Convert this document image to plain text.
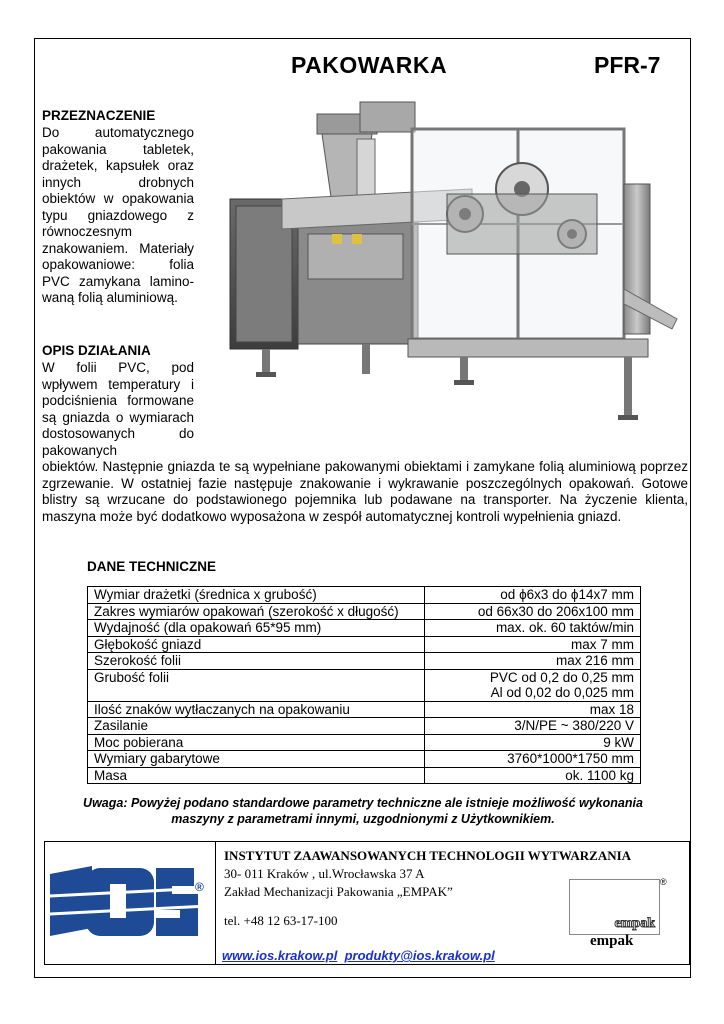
PAKOWARKA	PFR-7
PRZEZNACZENIE

Do automatycznego pakowania tabletek, drażetek, kapsułek oraz innych drobnych obiektów w opakowania typu gniazdowego z równoczesnym znakowaniem. Materiały opakowaniowe: folia PVC zamykana lamino-waną folią aluminiową.

OPIS DZIAŁANIA

W folii PVC, pod wpływem temperatury i podciśnienia formowane są gniazda o wymiarach dostosowanych do pakowanych

obiektów. Następnie gniazda te są wypełniane pakowanymi obiektami i zamykane folią aluminiową poprzez zgrzewanie. W ostatniej fazie następuje znakowanie i wykrawanie poszczególnych opakowań. Gotowe blistry są wrzucane do podstawionego pojemnika lub podawane na transporter. Na życzenie klienta, maszyna może być dodatkowo wyposażona w zespół automatycznej kontroli wypełnienia gniazd.
DANE TECHNICZNE
Wymiar drażetki (średnica x grubość)	od ϕ6x3 do ϕ14x7 mm
Zakres wymiarów opakowań (szerokość x długość)	od 66x30 do 206x100 mm
Wydajność (dla opakowań 65*95 mm)	max. ok. 60 taktów/min
Głębokość gniazd	max 7 mm
Szerokość folii	max 216 mm
Grubość folii	PVC od 0,2 do 0,25 mm
Al od 0,02 do 0,025 mm

Ilość znaków wytłaczanych na opakowaniu	max 18
Zasilanie	3/N/PE ~ 380/220 V
Moc pobierana	9 kW
Wymiary gabarytowe	3760*1000*1750 mm
Masa	ok. 1100 kg
Uwaga: Powyżej podano standardowe parametry techniczne ale istnieje możliwość wykonania
maszyny z parametrami innymi, uzgodnionymi z Użytkownikiem.
®
INSTYTUT ZAAWANSOWANYCH TECHNOLOGII WYTWARZANIA
30- 011 Kraków , ul.Wrocławska 37 A
Zakład Mechanizacji Pakowania „EMPAK”
tel. +48 12 63-17-100
www.ios.krakow.pl produkty@ios.krakow.pl
empak
®
empak
